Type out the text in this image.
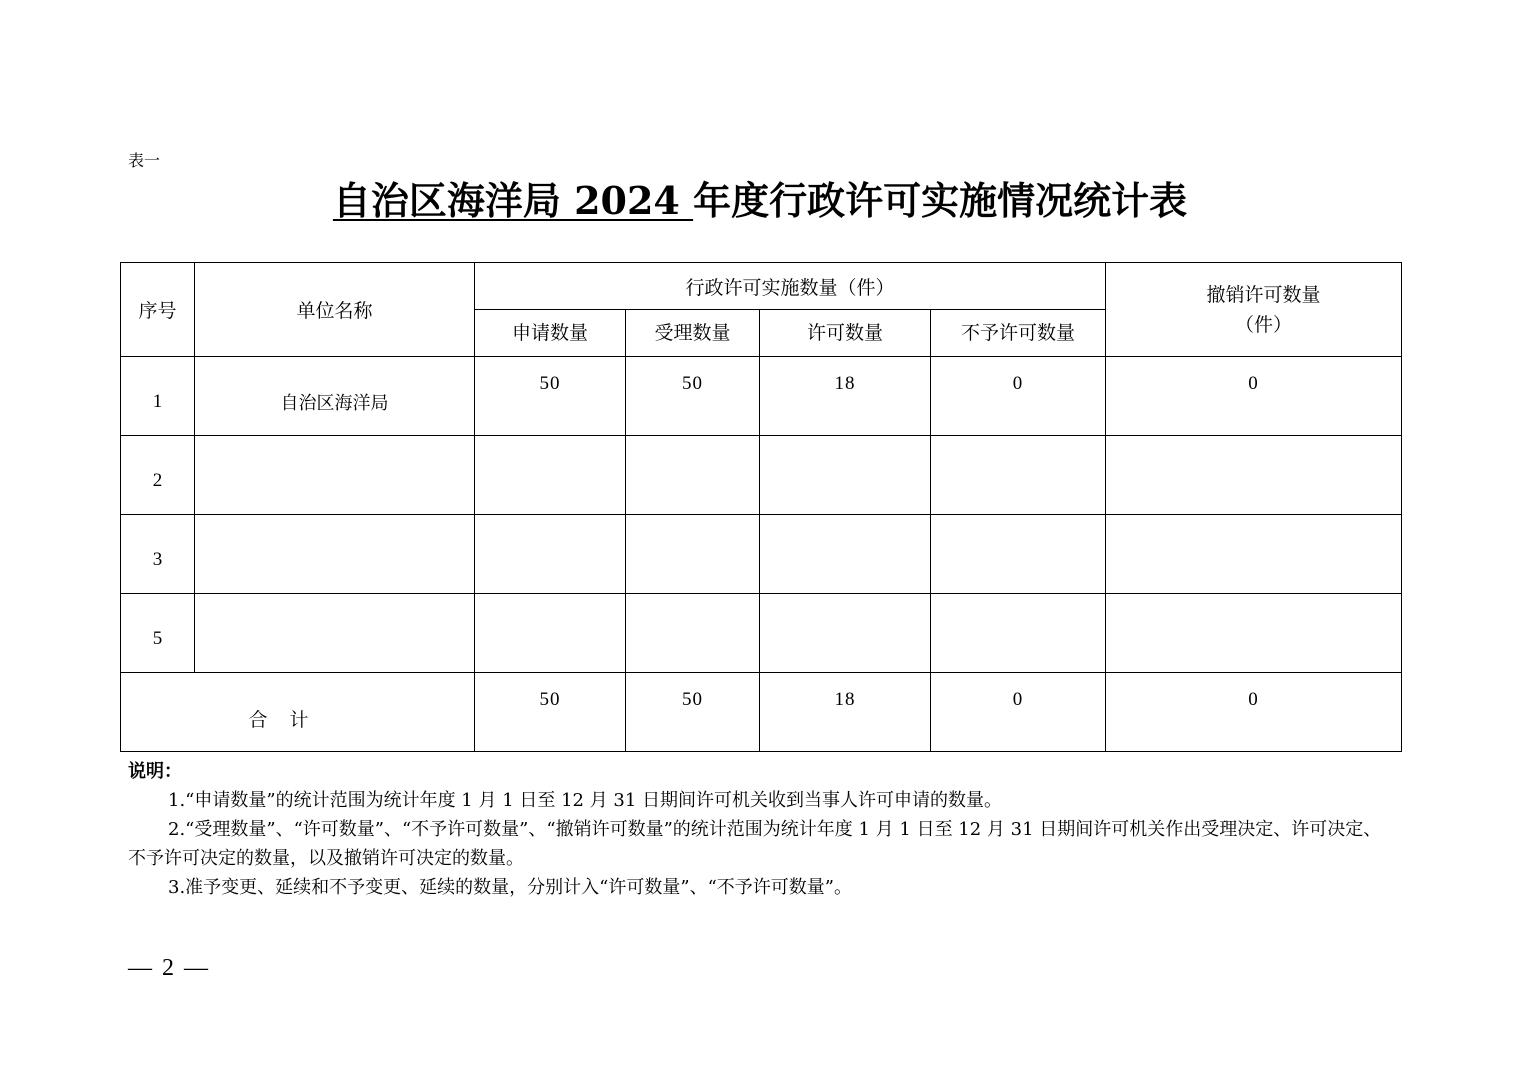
表一
自治区海洋局 2024 年度行政许可实施情况统计表
序号	单位名称	行政许可实施数量（件）				撤销许可数量
（件）

		申请数量	受理数量	许可数量	不予许可数量	
1	自治区海洋局	50	50	18	0	0
2						
3						
5						
合 计		50	50	18	0	0

说明：

1.“申请数量”的统计范围为统计年度 1 月 1 日至 12 月 31 日期间许可机关收到当事人许可申请的数量。

2.“受理数量”、“许可数量”、“不予许可数量”、“撤销许可数量”的统计范围为统计年度 1 月 1 日至 12 月 31 日期间许可机关作出受理决定、许可决定、不予许可决定的数量，以及撤销许可决定的数量。

3.准予变更、延续和不予变更、延续的数量，分别计入“许可数量”、“不予许可数量”。

— 2 —
